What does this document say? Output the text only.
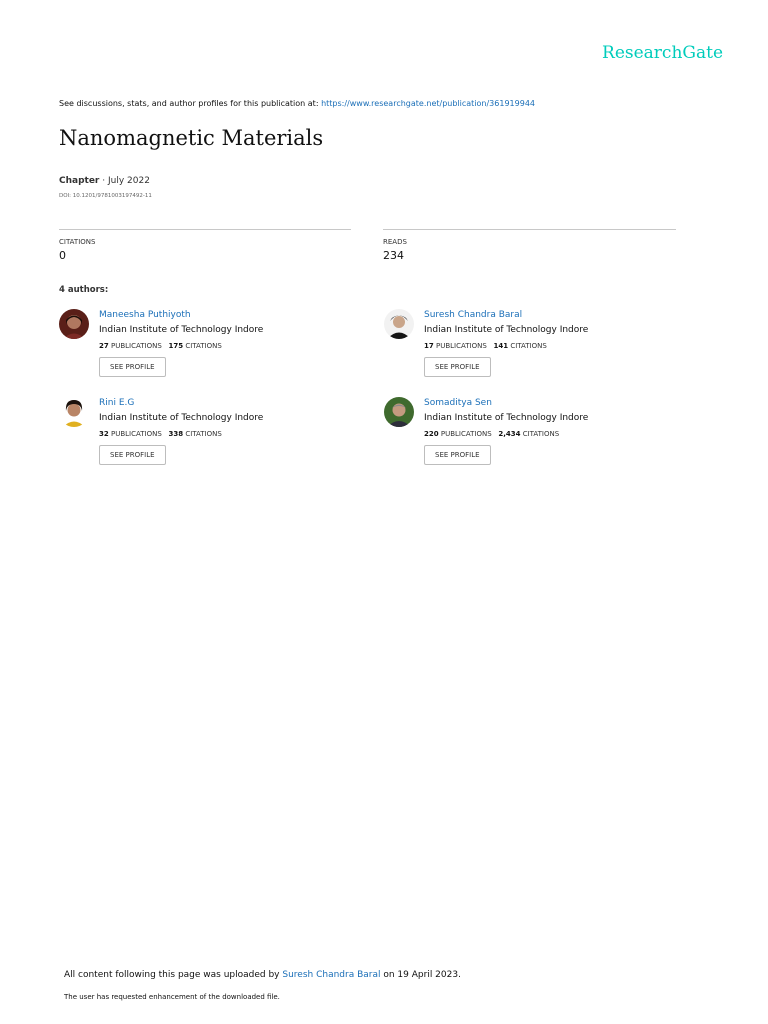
ResearchGate
See discussions, stats, and author profiles for this publication at: https://www.researchgate.net/publication/361919944
Nanomagnetic Materials
Chapter · July 2022
DOI: 10.1201/9781003197492-11
CITATIONS
0
READS
234
4 authors:
Maneesha Puthiyoth
Indian Institute of Technology Indore
27 PUBLICATIONS 175 CITATIONS
SEE PROFILE
Suresh Chandra Baral
Indian Institute of Technology Indore
17 PUBLICATIONS 141 CITATIONS
SEE PROFILE
Rini E.G
Indian Institute of Technology Indore
32 PUBLICATIONS 338 CITATIONS
SEE PROFILE
Somaditya Sen
Indian Institute of Technology Indore
220 PUBLICATIONS 2,434 CITATIONS
SEE PROFILE
All content following this page was uploaded by Suresh Chandra Baral on 19 April 2023.
The user has requested enhancement of the downloaded file.
